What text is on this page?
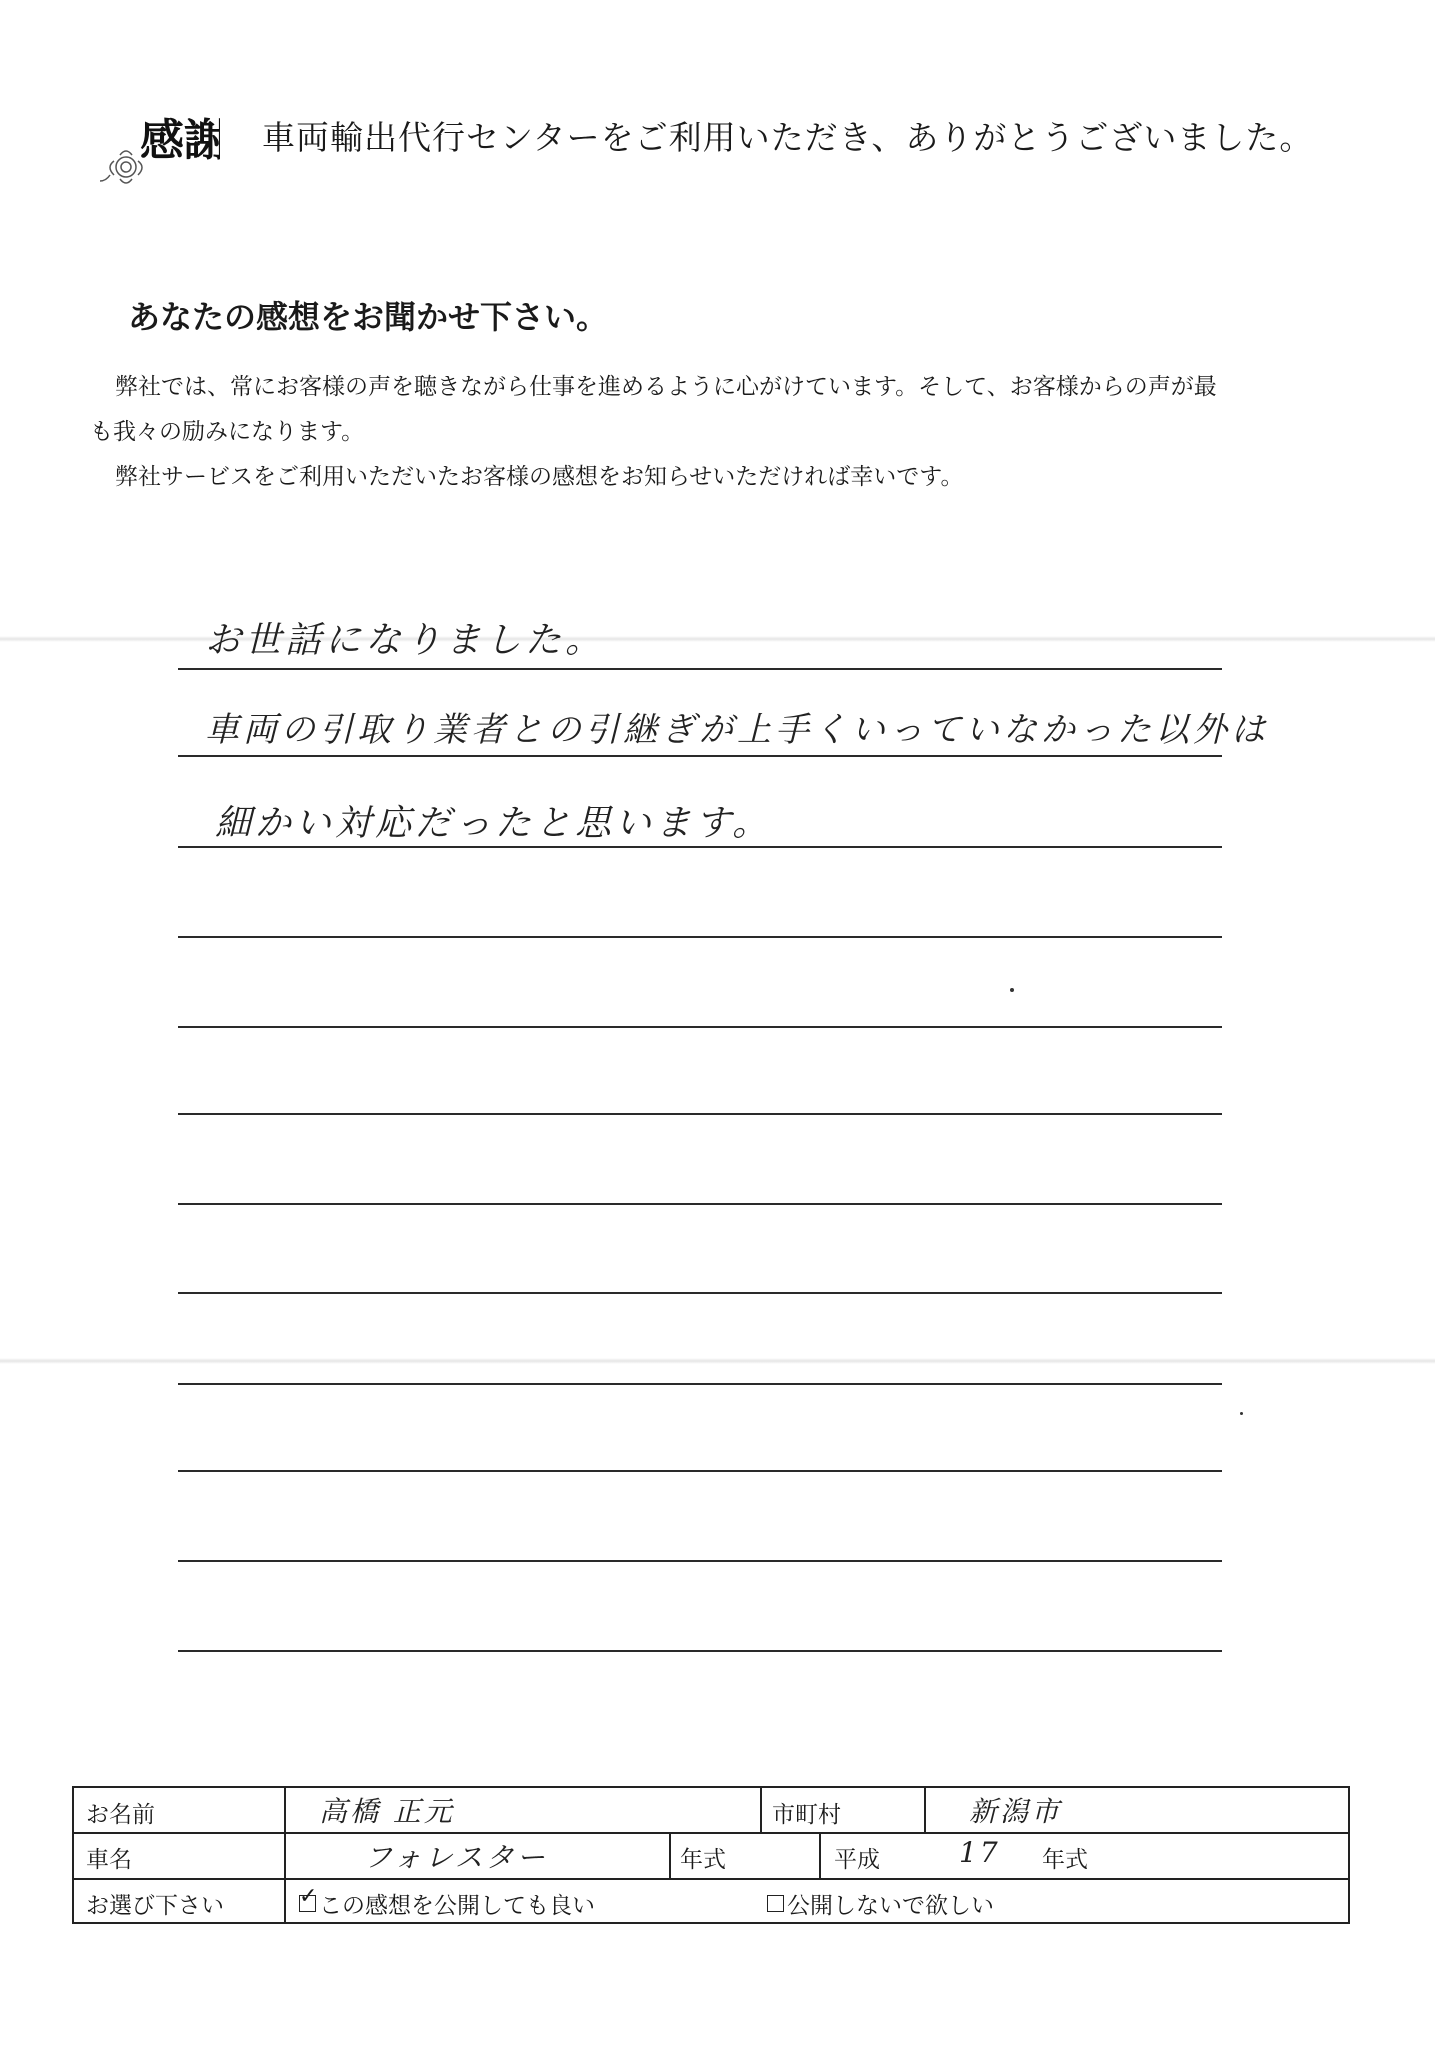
感謝 車両輸出代行センターをご利用いただき、ありがとうございました。
あなたの感想をお聞かせ下さい。

弊社では、常にお客様の声を聴きながら仕事を進めるように心がけています。そして、お客様からの声が最

も我々の励みになります。

弊社サービスをご利用いただいたお客様の感想をお知らせいただければ幸いです。

お世話になりました。
車両の引取り業者との引継ぎが上手くいっていなかった以外は
細かい対応だったと思います。
お名前	高橋 正元	市町村	新潟市
車名	フォレスター	年式	平成	17 年式
お選び下さい	✓ この感想を公開しても良い	公開しないで欲しい
